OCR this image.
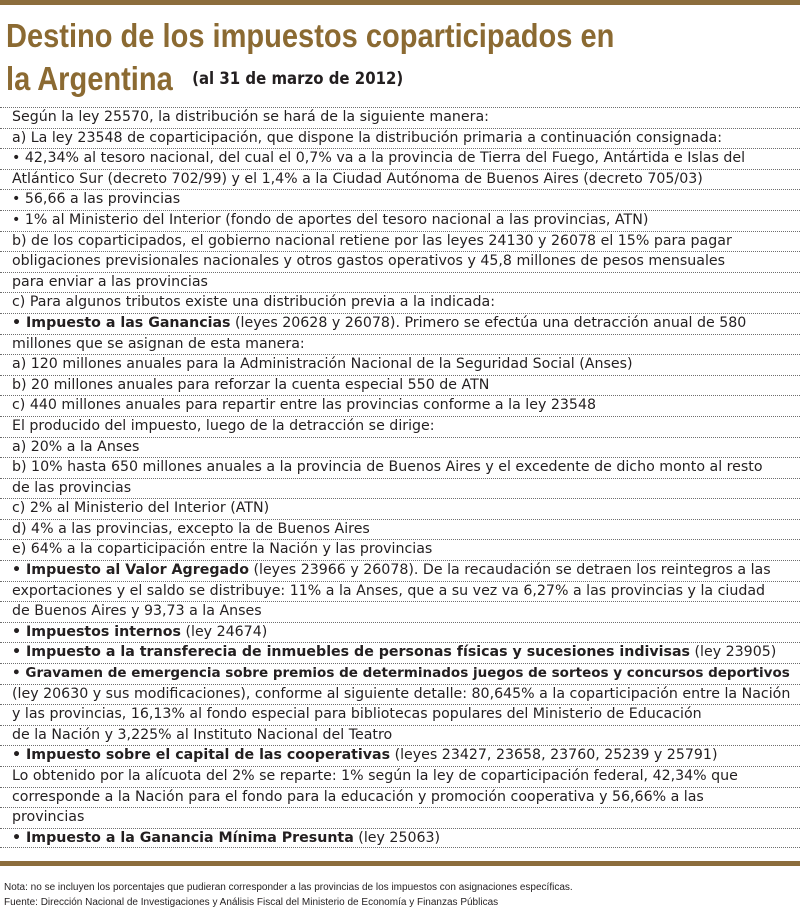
Destino de los impuestos coparticipados en
la Argentina (al 31 de marzo de 2012)
Según la ley 25570, la distribución se hará de la siguiente manera:
a) La ley 23548 de coparticipación, que dispone la distribución primaria a continuación consignada:
• 42,34% al tesoro nacional, del cual el 0,7% va a la provincia de Tierra del Fuego, Antártida e Islas del
Atlántico Sur (decreto 702/99) y el 1,4% a la Ciudad Autónoma de Buenos Aires (decreto 705/03)
• 56,66 a las provincias
• 1% al Ministerio del Interior (fondo de aportes del tesoro nacional a las provincias, ATN)
b) de los coparticipados, el gobierno nacional retiene por las leyes 24130 y 26078 el 15% para pagar
obligaciones previsionales nacionales y otros gastos operativos y 45,8 millones de pesos mensuales
para enviar a las provincias
c) Para algunos tributos existe una distribución previa a la indicada:
• Impuesto a las Ganancias (leyes 20628 y 26078). Primero se efectúa una detracción anual de 580
millones que se asignan de esta manera:
a) 120 millones anuales para la Administración Nacional de la Seguridad Social (Anses)
b) 20 millones anuales para reforzar la cuenta especial 550 de ATN
c) 440 millones anuales para repartir entre las provincias conforme a la ley 23548
El producido del impuesto, luego de la detracción se dirige:
a) 20% a la Anses
b) 10% hasta 650 millones anuales a la provincia de Buenos Aires y el excedente de dicho monto al resto
de las provincias
c) 2% al Ministerio del Interior (ATN)
d) 4% a las provincias, excepto la de Buenos Aires
e) 64% a la coparticipación entre la Nación y las provincias
• Impuesto al Valor Agregado (leyes 23966 y 26078). De la recaudación se detraen los reintegros a las
exportaciones y el saldo se distribuye: 11% a la Anses, que a su vez va 6,27% a las provincias y la ciudad
de Buenos Aires y 93,73 a la Anses
• Impuestos internos (ley 24674)
• Impuesto a la transferecia de inmuebles de personas físicas y sucesiones indivisas (ley 23905)
• Gravamen de emergencia sobre premios de determinados juegos de sorteos y concursos deportivos
(ley 20630 y sus modificaciones), conforme al siguiente detalle: 80,645% a la coparticipación entre la Nación
y las provincias, 16,13% al fondo especial para bibliotecas populares del Ministerio de Educación
de la Nación y 3,225% al Instituto Nacional del Teatro
• Impuesto sobre el capital de las cooperativas (leyes 23427, 23658, 23760, 25239 y 25791)
Lo obtenido por la alícuota del 2% se reparte: 1% según la ley de coparticipación federal, 42,34% que
corresponde a la Nación para el fondo para la educación y promoción cooperativa y 56,66% a las
provincias
• Impuesto a la Ganancia Mínima Presunta (ley 25063)
Nota: no se incluyen los porcentajes que pudieran corresponder a las provincias de los impuestos con asignaciones específicas.
Fuente: Dirección Nacional de Investigaciones y Análisis Fiscal del Ministerio de Economía y Finanzas Públicas
